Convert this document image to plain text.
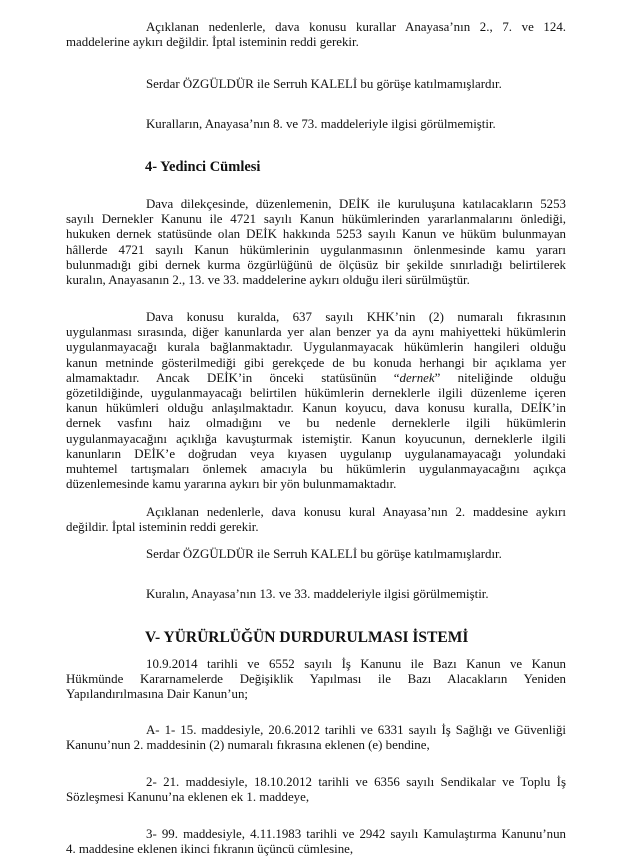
Açıklanan nedenlerle, dava konusu kurallar Anayasa’nın 2., 7. ve 124.
maddelerine aykırı değildir. İptal isteminin reddi gerekir.
Serdar ÖZGÜLDÜR ile Serruh KALELİ bu görüşe katılmamışlardır.
Kuralların, Anayasa’nın 8. ve 73. maddeleriyle ilgisi görülmemiştir.
4- Yedinci Cümlesi
Dava dilekçesinde, düzenlemenin, DEİK ile kuruluşuna katılacakların 5253
sayılı Dernekler Kanunu ile 4721 sayılı Kanun hükümlerinden yararlanmalarını önlediği,
hukuken dernek statüsünde olan DEİK hakkında 5253 sayılı Kanun ve hüküm bulunmayan
hâllerde 4721 sayılı Kanun hükümlerinin uygulanmasının önlenmesinde kamu yararı
bulunmadığı gibi dernek kurma özgürlüğünü de ölçüsüz bir şekilde sınırladığı belirtilerek
kuralın, Anayasanın 2., 13. ve 33. maddelerine aykırı olduğu ileri sürülmüştür.
Dava konusu kuralda, 637 sayılı KHK’nin (2) numaralı fıkrasının
uygulanması sırasında, diğer kanunlarda yer alan benzer ya da aynı mahiyetteki hükümlerin
uygulanmayacağı kurala bağlanmaktadır. Uygulanmayacak hükümlerin hangileri olduğu
kanun metninde gösterilmediği gibi gerekçede de bu konuda herhangi bir açıklama yer
almamaktadır. Ancak DEİK’in önceki statüsünün “dernek” niteliğinde olduğu
gözetildiğinde, uygulanmayacağı belirtilen hükümlerin derneklerle ilgili düzenleme içeren
kanun hükümleri olduğu anlaşılmaktadır. Kanun koyucu, dava konusu kuralla, DEİK’in
dernek vasfını haiz olmadığını ve bu nedenle derneklerle ilgili hükümlerin
uygulanmayacağını açıklığa kavuşturmak istemiştir. Kanun koyucunun, derneklerle ilgili
kanunların DEİK’e doğrudan veya kıyasen uygulanıp uygulanamayacağı yolundaki
muhtemel tartışmaları önlemek amacıyla bu hükümlerin uygulanmayacağını açıkça
düzenlemesinde kamu yararına aykırı bir yön bulunmamaktadır.
Açıklanan nedenlerle, dava konusu kural Anayasa’nın 2. maddesine aykırı
değildir. İptal isteminin reddi gerekir.
Serdar ÖZGÜLDÜR ile Serruh KALELİ bu görüşe katılmamışlardır.
Kuralın, Anayasa’nın 13. ve 33. maddeleriyle ilgisi görülmemiştir.
V- YÜRÜRLÜĞÜN DURDURULMASI İSTEMİ
10.9.2014 tarihli ve 6552 sayılı İş Kanunu ile Bazı Kanun ve Kanun
Hükmünde Kararnamelerde Değişiklik Yapılması ile Bazı Alacakların Yeniden
Yapılandırılmasına Dair Kanun’un;
A- 1- 15. maddesiyle, 20.6.2012 tarihli ve 6331 sayılı İş Sağlığı ve Güvenliği
Kanunu’nun 2. maddesinin (2) numaralı fıkrasına eklenen (e) bendine,
2- 21. maddesiyle, 18.10.2012 tarihli ve 6356 sayılı Sendikalar ve Toplu İş
Sözleşmesi Kanunu’na eklenen ek 1. maddeye,
3- 99. maddesiyle, 4.11.1983 tarihli ve 2942 sayılı Kamulaştırma Kanunu’nun
4. maddesine eklenen ikinci fıkranın üçüncü cümlesine,
